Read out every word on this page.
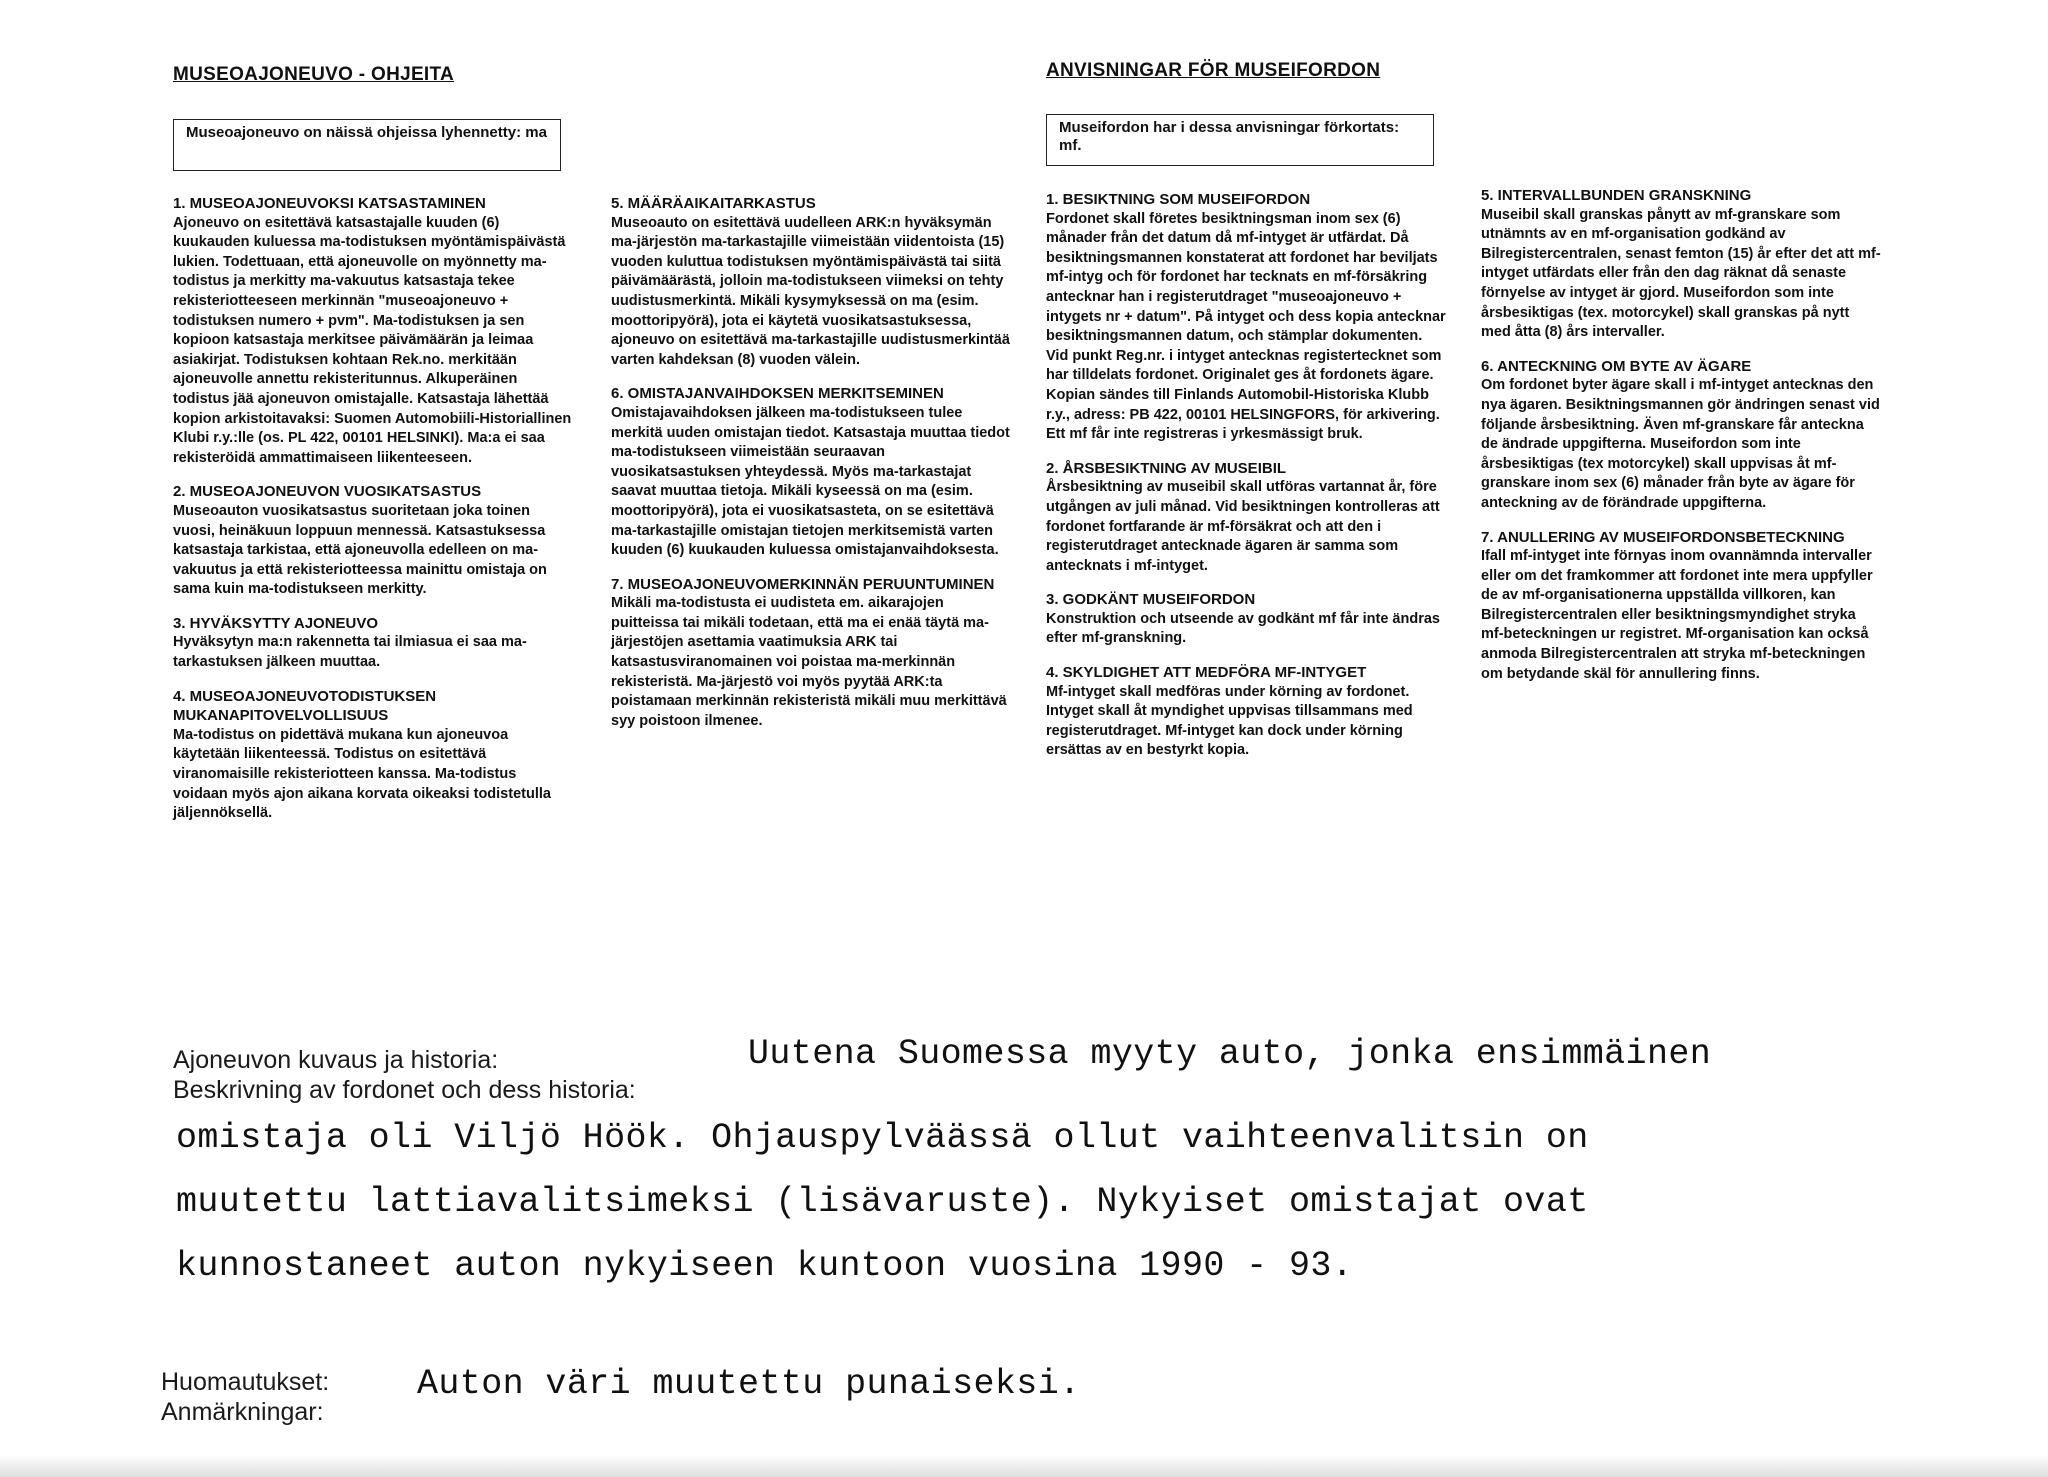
MUSEOAJONEUVO - OHJEITA	ANVISNINGAR FÖR MUSEIFORDON
Museoajoneuvo on näissä ohjeissa lyhennetty: ma	Museifordon har i dessa anvisningar förkortats: mf.
1. MUSEOAJONEUVOKSI KATSASTAMINEN
Ajoneuvo on esitettävä katsastajalle kuuden (6) kuukauden kuluessa ma-todistuksen myöntämispäivästä lukien. Todettuaan, että ajoneuvolle on myönnetty ma-todistus ja merkitty ma-vakuutus katsastaja tekee rekisteriotteeseen merkinnän "museoajoneuvo + todistuksen numero + pvm". Ma-todistuksen ja sen kopioon katsastaja merkitsee päivämäärän ja leimaa asiakirjat. Todistuksen kohtaan Rek.no. merkitään ajoneuvolle annettu rekisteritunnus. Alkuperäinen todistus jää ajoneuvon omistajalle. Katsastaja lähettää kopion arkistoitavaksi: Suomen Automobiili-Historiallinen Klubi r.y.:lle (os. PL 422, 00101 HELSINKI). Ma:a ei saa rekisteröidä ammattimaiseen liikenteeseen.
2. MUSEOAJONEUVON VUOSIKATSASTUS
Museoauton vuosikatsastus suoritetaan joka toinen vuosi, heinäkuun loppuun mennessä. Katsastuksessa katsastaja tarkistaa, että ajoneuvolla edelleen on ma-vakuutus ja että rekisteriotteessa mainittu omistaja on sama kuin ma-todistukseen merkitty.
3. HYVÄKSYTTY AJONEUVO
Hyväksytyn ma:n rakennetta tai ilmiasua ei saa ma-tarkastuksen jälkeen muuttaa.
4. MUSEOAJONEUVOTODISTUKSEN MUKANAPITOVELVOLLISUUS
Ma-todistus on pidettävä mukana kun ajoneuvoa käytetään liikenteessä. Todistus on esitettävä viranomaisille rekisteriotteen kanssa. Ma-todistus voidaan myös ajon aikana korvata oikeaksi todistetulla jäljennöksellä.
5. MÄÄRÄAIKAITARKASTUS
Museoauto on esitettävä uudelleen ARK:n hyväksymän ma-järjestön ma-tarkastajille viimeistään viidentoista (15) vuoden kuluttua todistuksen myöntämispäivästä tai siitä päivämäärästä, jolloin ma-todistukseen viimeksi on tehty uudistusmerkintä. Mikäli kysymyksessä on ma (esim. moottoripyörä), jota ei käytetä vuosikatsastuksessa, ajoneuvo on esitettävä ma-tarkastajille uudistusmerkintää varten kahdeksan (8) vuoden välein.
6. OMISTAJANVAIHDOKSEN MERKITSEMINEN
Omistajavaihdoksen jälkeen ma-todistukseen tulee merkitä uuden omistajan tiedot. Katsastaja muuttaa tiedot ma-todistukseen viimeistään seuraavan vuosikatsastuksen yhteydessä. Myös ma-tarkastajat saavat muuttaa tietoja. Mikäli kyseessä on ma (esim. moottoripyörä), jota ei vuosikatsasteta, on se esitettävä ma-tarkastajille omistajan tietojen merkitsemistä varten kuuden (6) kuukauden kuluessa omistajanvaihdoksesta.
7. MUSEOAJONEUVOMERKINNÄN PERUUNTUMINEN
Mikäli ma-todistusta ei uudisteta em. aikarajojen puitteissa tai mikäli todetaan, että ma ei enää täytä ma-järjestöjen asettamia vaatimuksia ARK tai katsastusviranomainen voi poistaa ma-merkinnän rekisteristä. Ma-järjestö voi myös pyytää ARK:ta poistamaan merkinnän rekisteristä mikäli muu merkittävä syy poistoon ilmenee.
1. BESIKTNING SOM MUSEIFORDON
Fordonet skall företes besiktningsman inom sex (6) månader från det datum då mf-intyget är utfärdat. Då besiktningsmannen konstaterat att fordonet har beviljats mf-intyg och för fordonet har tecknats en mf-försäkring antecknar han i registerutdraget "museoajoneuvo + intygets nr + datum". På intyget och dess kopia antecknar besiktningsmannen datum, och stämplar dokumenten. Vid punkt Reg.nr. i intyget antecknas registertecknet som har tilldelats fordonet. Originalet ges åt fordonets ägare. Kopian sändes till Finlands Automobil-Historiska Klubb r.y., adress: PB 422, 00101 HELSINGFORS, för arkivering. Ett mf får inte registreras i yrkesmässigt bruk.
2. ÅRSBESIKTNING AV MUSEIBIL
Årsbesiktning av museibil skall utföras vartannat år, före utgången av juli månad. Vid besiktningen kontrolleras att fordonet fortfarande är mf-försäkrat och att den i registerutdraget antecknade ägaren är samma som antecknats i mf-intyget.
3. GODKÄNT MUSEIFORDON
Konstruktion och utseende av godkänt mf får inte ändras efter mf-granskning.
4. SKYLDIGHET ATT MEDFÖRA MF-INTYGET
Mf-intyget skall medföras under körning av fordonet. Intyget skall åt myndighet uppvisas tillsammans med registerutdraget. Mf-intyget kan dock under körning ersättas av en bestyrkt kopia.
5. INTERVALLBUNDEN GRANSKNING
Museibil skall granskas pånytt av mf-granskare som utnämnts av en mf-organisation godkänd av Bilregistercentralen, senast femton (15) år efter det att mf-intyget utfärdats eller från den dag räknat då senaste förnyelse av intyget är gjord. Museifordon som inte årsbesiktigas (tex. motorcykel) skall granskas på nytt med åtta (8) års intervaller.
6. ANTECKNING OM BYTE AV ÄGARE
Om fordonet byter ägare skall i mf-intyget antecknas den nya ägaren. Besiktningsmannen gör ändringen senast vid följande årsbesiktning. Även mf-granskare får anteckna de ändrade uppgifterna. Museifordon som inte årsbesiktigas (tex motorcykel) skall uppvisas åt mf-granskare inom sex (6) månader från byte av ägare för anteckning av de förändrade uppgifterna.
7. ANULLERING AV MUSEIFORDONSBETECKNING
Ifall mf-intyget inte förnyas inom ovannämnda intervaller eller om det framkommer att fordonet inte mera uppfyller de av mf-organisationerna uppställda villkoren, kan Bilregistercentralen eller besiktningsmyndighet stryka mf-beteckningen ur registret. Mf-organisation kan också anmoda Bilregistercentralen att stryka mf-beteckningen om betydande skäl för annullering finns.
Ajoneuvon kuvaus ja historia:
Beskrivning av fordonet och dess historia:
Uutena Suomessa myyty auto, jonka ensimmäinen
omistaja oli Viljö Höök. Ohjauspylväässä ollut vaihteenvalitsin on
muutettu lattiavalitsimeksi (lisävaruste). Nykyiset omistajat ovat
kunnostaneet auton nykyiseen kuntoon vuosina 1990 - 93.
Huomautukset:
Anmärkningar:
Auton väri muutettu punaiseksi.
